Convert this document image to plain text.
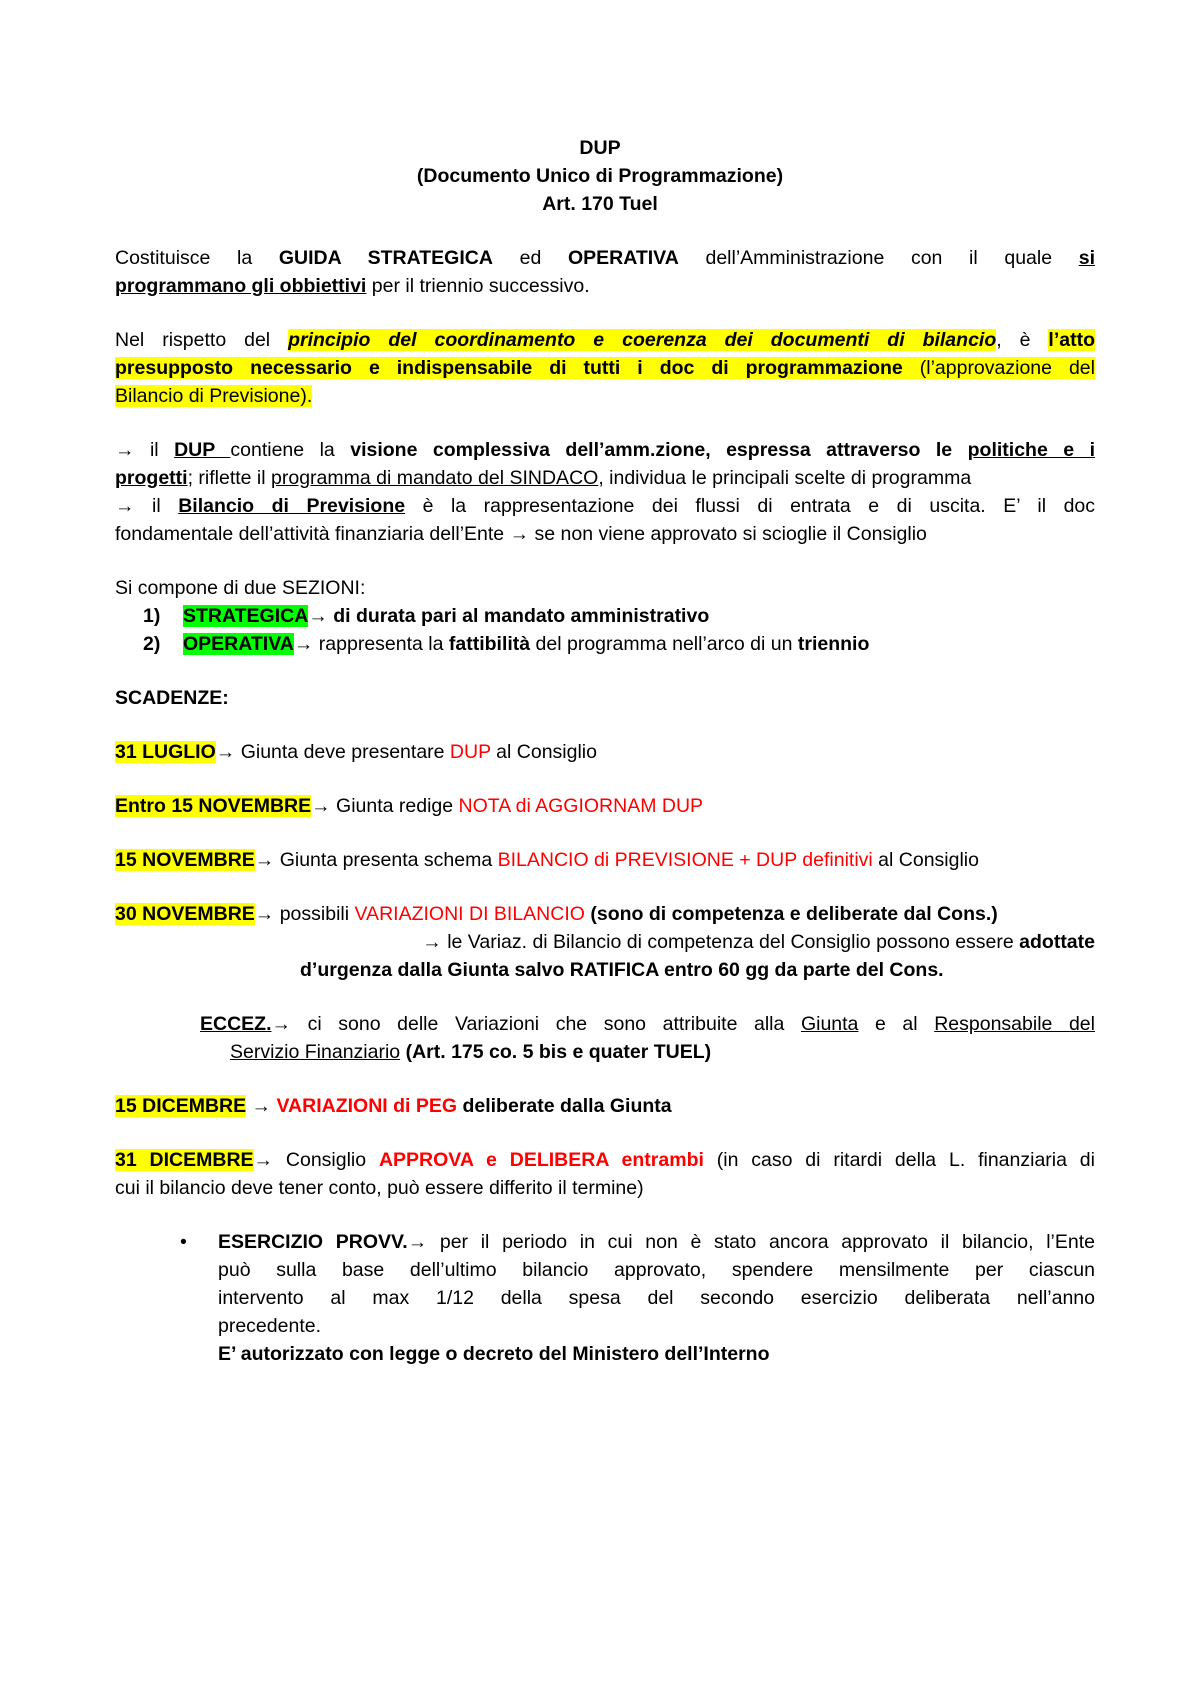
DUP
(Documento Unico di Programmazione)
Art. 170 Tuel
Costituisce la GUIDA STRATEGICA ed OPERATIVA dell’Amministrazione con il quale si
programmano gli obbiettivi per il triennio successivo.
Nel rispetto del principio del coordinamento e coerenza dei documenti di bilancio, è l’atto
presupposto necessario e indispensabile di tutti i doc di programmazione (l’approvazione del
Bilancio di Previsione).
→ il DUP contiene la visione complessiva dell’amm.zione, espressa attraverso le politiche e i
progetti; riflette il programma di mandato del SINDACO, individua le principali scelte di programma
→ il Bilancio di Previsione è la rappresentazione dei flussi di entrata e di uscita. E’ il doc
fondamentale dell’attività finanziaria dell’Ente → se non viene approvato si scioglie il Consiglio
Si compone di due SEZIONI:
1) STRATEGICA→ di durata pari al mandato amministrativo
2) OPERATIVA→ rappresenta la fattibilità del programma nell’arco di un triennio
SCADENZE:
31 LUGLIO→ Giunta deve presentare DUP al Consiglio
Entro 15 NOVEMBRE→ Giunta redige NOTA di AGGIORNAM DUP
15 NOVEMBRE→ Giunta presenta schema BILANCIO di PREVISIONE + DUP definitivi al Consiglio
30 NOVEMBRE→ possibili VARIAZIONI DI BILANCIO (sono di competenza e deliberate dal Cons.)
→ le Variaz. di Bilancio di competenza del Consiglio possono essere adottate
d’urgenza dalla Giunta salvo RATIFICA entro 60 gg da parte del Cons.
ECCEZ.→ ci sono delle Variazioni che sono attribuite alla Giunta e al Responsabile del
Servizio Finanziario (Art. 175 co. 5 bis e quater TUEL)
15 DICEMBRE → VARIAZIONI di PEG deliberate dalla Giunta
31 DICEMBRE→ Consiglio APPROVA e DELIBERA entrambi (in caso di ritardi della L. finanziaria di
cui il bilancio deve tener conto, può essere differito il termine)
• ESERCIZIO PROVV.→ per il periodo in cui non è stato ancora approvato il bilancio, l’Ente
può sulla base dell’ultimo bilancio approvato, spendere mensilmente per ciascun
intervento al max 1/12 della spesa del secondo esercizio deliberata nell’anno
precedente.
E’ autorizzato con legge o decreto del Ministero dell’Interno
